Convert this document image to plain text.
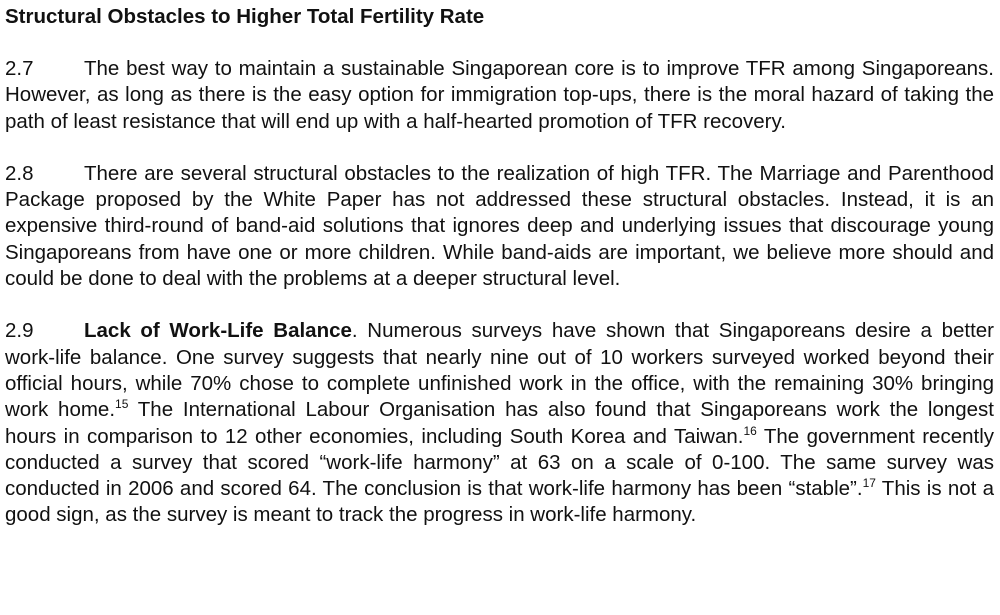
Structural Obstacles to Higher Total Fertility Rate

2.7 The best way to maintain a sustainable Singaporean core is to improve TFR among Singaporeans. However, as long as there is the easy option for immigration top-ups, there is the moral hazard of taking the path of least resistance that will end up with a half-hearted promotion of TFR recovery.

2.8 There are several structural obstacles to the realization of high TFR. The Marriage and Parenthood Package proposed by the White Paper has not addressed these structural obstacles. Instead, it is an expensive third-round of band-aid solutions that ignores deep and underlying issues that discourage young Singaporeans from have one or more children. While band-aids are important, we believe more should and could be done to deal with the problems at a deeper structural level.

2.9 Lack of Work-Life Balance. Numerous surveys have shown that Singaporeans desire a better work-life balance. One survey suggests that nearly nine out of 10 workers surveyed worked beyond their official hours, while 70% chose to complete unfinished work in the office, with the remaining 30% bringing work home.$^{15}$ The International Labour Organisation has also found that Singaporeans work the longest hours in comparison to 12 other economies, including South Korea and Taiwan.$^{16}$ The government recently conducted a survey that scored “work-life harmony” at 63 on a scale of 0-100. The same survey was conducted in 2006 and scored 64. The conclusion is that work-life harmony has been “stable”.$^{17}$ This is not a good sign, as the survey is meant to track the progress in work-life harmony.
